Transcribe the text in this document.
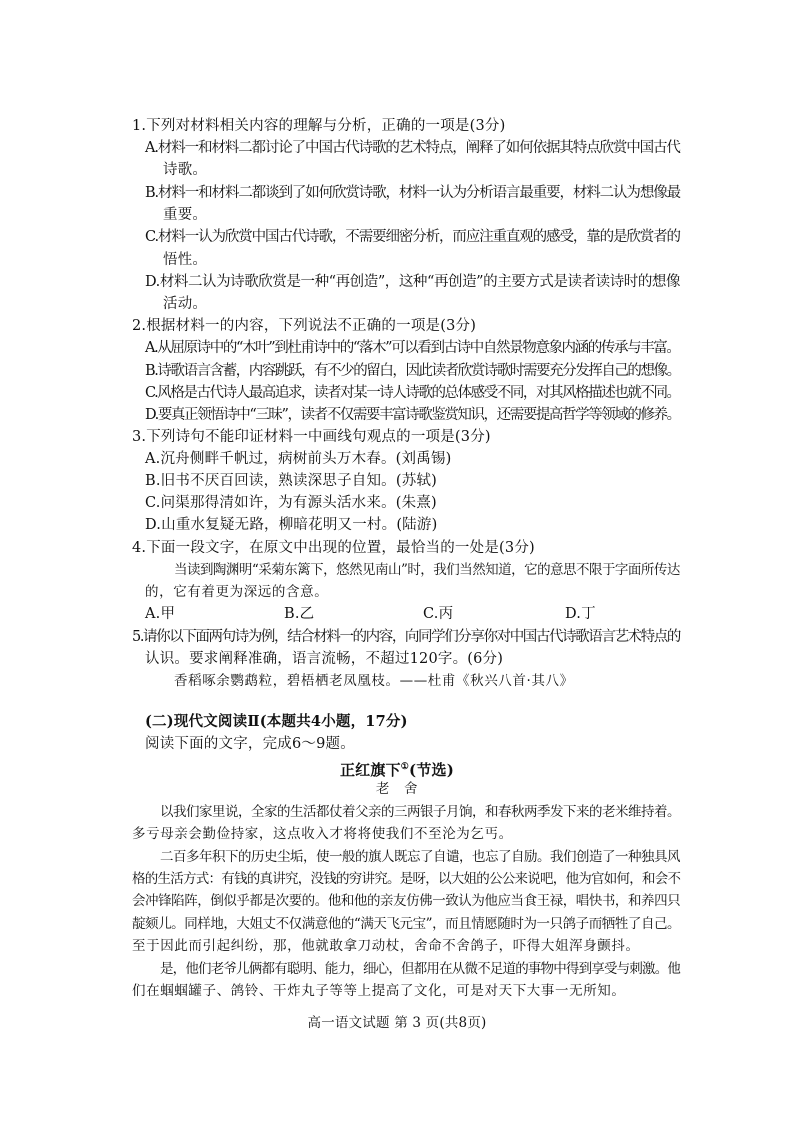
1.下列对材料相关内容的理解与分析，正确的一项是(3分)
A.材料一和材料二都讨论了中国古代诗歌的艺术特点，阐释了如何依据其特点欣赏中国古代
诗歌。
B.材料一和材料二都谈到了如何欣赏诗歌，材料一认为分析语言最重要，材料二认为想像最
重要。
C.材料一认为欣赏中国古代诗歌，不需要细密分析，而应注重直观的感受，靠的是欣赏者的
悟性。
D.材料二认为诗歌欣赏是一种“再创造”，这种“再创造”的主要方式是读者读诗时的想像
活动。
2.根据材料一的内容，下列说法不正确的一项是(3分)
A.从屈原诗中的“木叶”到杜甫诗中的“落木”可以看到古诗中自然景物意象内涵的传承与丰富。
B.诗歌语言含蓄，内容跳跃，有不少的留白，因此读者欣赏诗歌时需要充分发挥自己的想像。
C.风格是古代诗人最高追求，读者对某一诗人诗歌的总体感受不同，对其风格描述也就不同。
D.要真正领悟诗中“三昧”，读者不仅需要丰富诗歌鉴赏知识，还需要提高哲学等领域的修养。
3.下列诗句不能印证材料一中画线句观点的一项是(3分)
A.沉舟侧畔千帆过，病树前头万木春。(刘禹锡)
B.旧书不厌百回读，熟读深思子自知。(苏轼)
C.问渠那得清如许，为有源头活水来。(朱熹)
D.山重水复疑无路，柳暗花明又一村。(陆游)
4.下面一段文字，在原文中出现的位置，最恰当的一处是(3分)
当读到陶渊明“采菊东篱下，悠然见南山”时，我们当然知道，它的意思不限于字面所传达
的，它有着更为深远的含意。
A.甲	B.乙	C.丙	D.丁
5.请你以下面两句诗为例，结合材料一的内容，向同学们分享你对中国古代诗歌语言艺术特点的
认识。要求阐释准确，语言流畅，不超过120字。(6分)
香稻啄余鹦鹉粒，碧梧栖老凤凰枝。——杜甫《秋兴八首·其八》
(二)现代文阅读Ⅱ(本题共4小题，17分)
阅读下面的文字，完成6～9题。
正红旗下①(节选)
老　舍
以我们家里说，全家的生活都仗着父亲的三两银子月饷，和春秋两季发下来的老米维持着。
多亏母亲会勤俭持家，这点收入才将将使我们不至沦为乞丐。
二百多年积下的历史尘垢，使一般的旗人既忘了自谴，也忘了自励。我们创造了一种独具风
格的生活方式：有钱的真讲究，没钱的穷讲究。是呀，以大姐的公公来说吧，他为官如何，和会不
会冲锋陷阵，倒似乎都是次要的。他和他的亲友仿佛一致认为他应当食王禄，唱快书，和养四只
靛颏儿。同样地，大姐丈不仅满意他的“满天飞元宝”，而且情愿随时为一只鸽子而牺牲了自己。
至于因此而引起纠纷，那，他就敢拿刀动杖，舍命不舍鸽子，吓得大姐浑身颤抖。
是，他们老爷儿俩都有聪明、能力，细心，但都用在从微不足道的事物中得到享受与刺激。他
们在蝈蝈罐子、鸽铃、干炸丸子等等上提高了文化，可是对天下大事一无所知。
高一语文试题 第 3 页(共8页)
